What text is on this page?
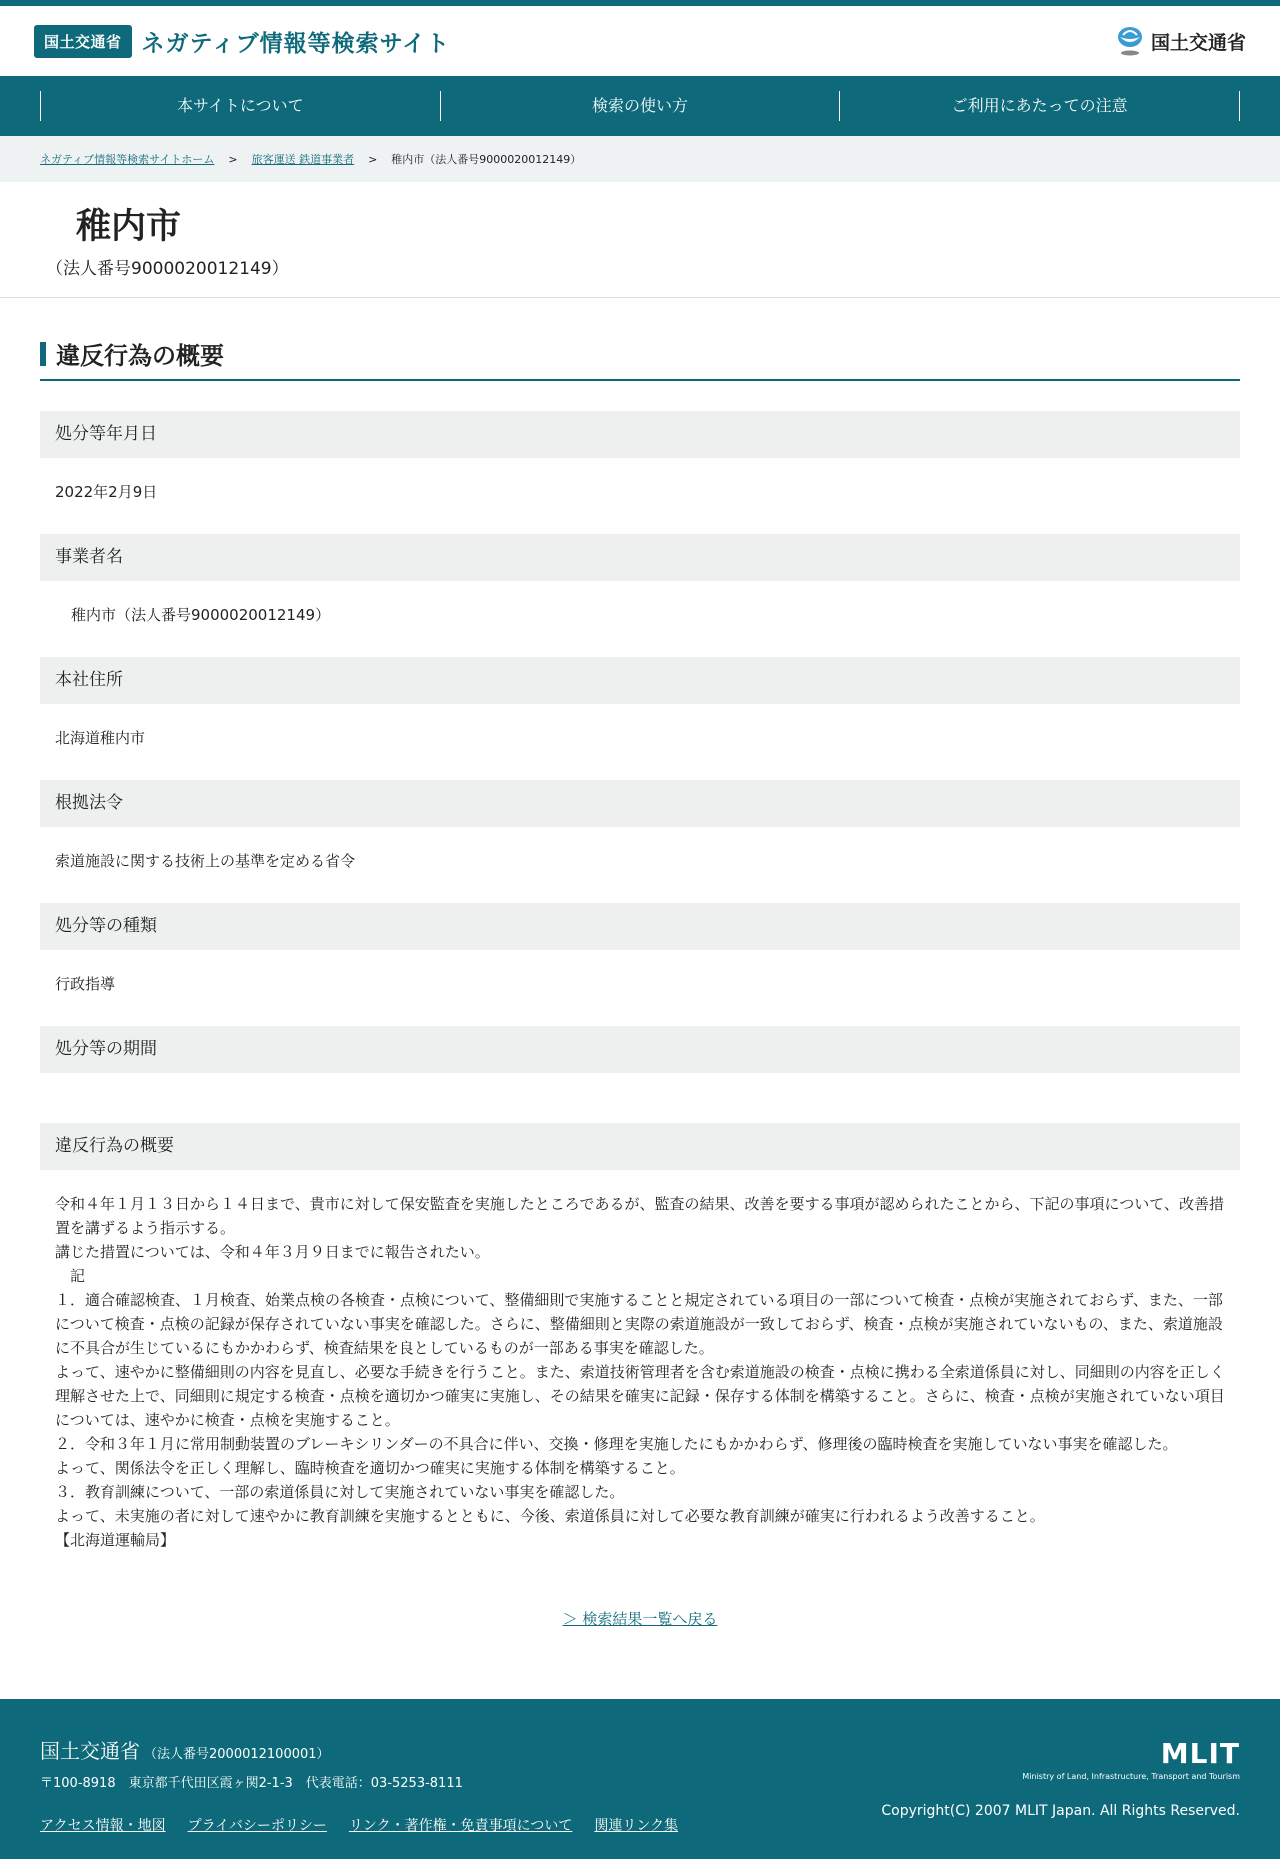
国土交通省 ネガティブ情報等検索サイト	国土交通省
本サイトについて	検索の使い方	ご利用にあたっての注意
ネガティブ情報等検索サイトホーム > 旅客運送 鉄道事業者 > 稚内市（法人番号9000020012149）
稚内市
（法人番号9000020012149）
違反行為の概要
処分等年月日
2022年2月9日
事業者名
稚内市（法人番号9000020012149）
本社住所
北海道稚内市
根拠法令
索道施設に関する技術上の基準を定める省令
処分等の種類
行政指導
処分等の期間
違反行為の概要
令和４年１月１３日から１４日まで、貴市に対して保安監査を実施したところであるが、監査の結果、改善を要する事項が認められたことから、下記の事項について、改善措置を講ずるよう指示する。
講じた措置については、令和４年３月９日までに報告されたい。
　記
１．適合確認検査、１月検査、始業点検の各検査・点検について、整備細則で実施することと規定されている項目の一部について検査・点検が実施されておらず、また、一部について検査・点検の記録が保存されていない事実を確認した。さらに、整備細則と実際の索道施設が一致しておらず、検査・点検が実施されていないもの、また、索道施設に不具合が生じているにもかかわらず、検査結果を良としているものが一部ある事実を確認した。
よって、速やかに整備細則の内容を見直し、必要な手続きを行うこと。また、索道技術管理者を含む索道施設の検査・点検に携わる全索道係員に対し、同細則の内容を正しく理解させた上で、同細則に規定する検査・点検を適切かつ確実に実施し、その結果を確実に記録・保存する体制を構築すること。さらに、検査・点検が実施されていない項目については、速やかに検査・点検を実施すること。
２．令和３年１月に常用制動装置のブレーキシリンダーの不具合に伴い、交換・修理を実施したにもかかわらず、修理後の臨時検査を実施していない事実を確認した。
よって、関係法令を正しく理解し、臨時検査を適切かつ確実に実施する体制を構築すること。
３．教育訓練について、一部の索道係員に対して実施されていない事実を確認した。
よって、未実施の者に対して速やかに教育訓練を実施するとともに、今後、索道係員に対して必要な教育訓練が確実に行われるよう改善すること。
【北海道運輸局】
＞ 検索結果一覧へ戻る
国土交通省 （法人番号2000012100001）
〒100-8918　東京都千代田区霞ヶ関2-1-3　代表電話：03-5253-8111
アクセス情報・地図 プライバシーポリシー リンク・著作権・免責事項について 関連リンク集
MLIT
Ministry of Land, Infrastructure, Transport and Tourism
Copyright(C) 2007 MLIT Japan. All Rights Reserved.
